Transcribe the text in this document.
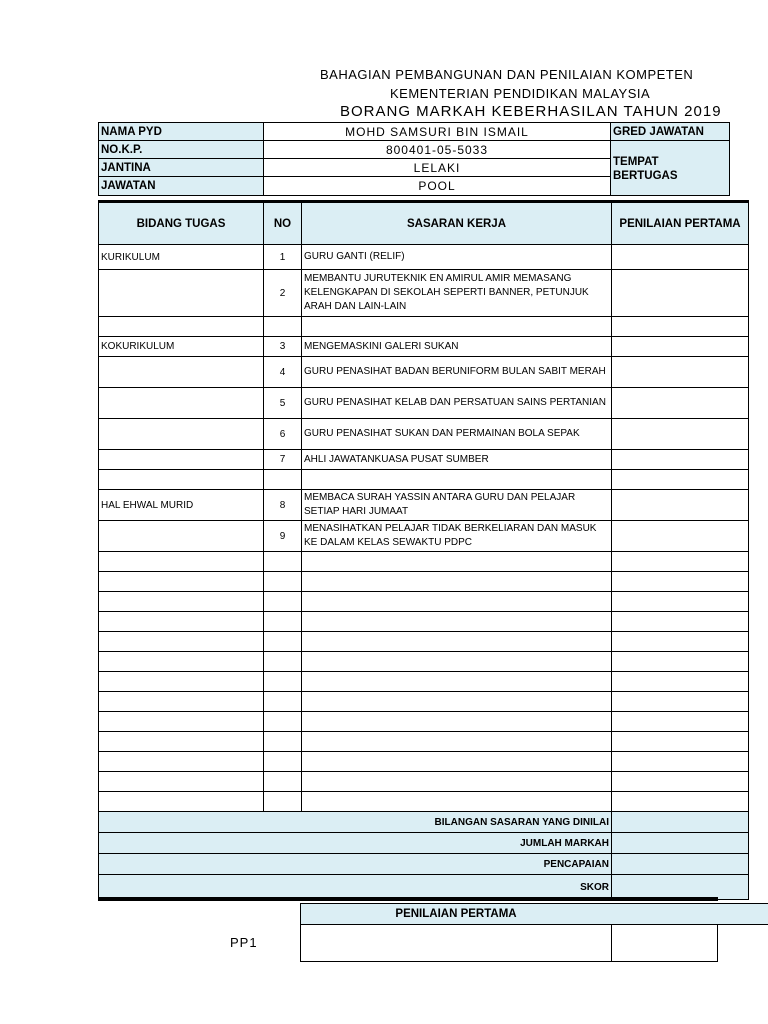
BAHAGIAN PEMBANGUNAN DAN PENILAIAN KOMPETEN
KEMENTERIAN PENDIDIKAN MALAYSIA
BORANG MARKAH KEBERHASILAN TAHUN 2019
NAMA PYD	MOHD SAMSURI BIN ISMAIL
NO.K.P.	800401-05-5033
JANTINA	LELAKI
JAWATAN	POOL
GRED JAWATAN
TEMPAT
BERTUGAS
BIDANG TUGAS	NO	SASARAN KERJA	PENILAIAN PERTAMA
KURIKULUM	1	GURU GANTI (RELIF)	
	2	MEMBANTU JURUTEKNIK EN AMIRUL AMIR MEMASANG KELENGKAPAN DI SEKOLAH SEPERTI BANNER, PETUNJUK ARAH DAN LAIN-LAIN	

KOKURIKULUM	3	MENGEMASKINI GALERI SUKAN	
	4	GURU PENASIHAT BADAN BERUNIFORM BULAN SABIT MERAH	
	5	GURU PENASIHAT KELAB DAN PERSATUAN SAINS PERTANIAN	
	6	GURU PENASIHAT SUKAN DAN PERMAINAN BOLA SEPAK	
	7	AHLI JAWATANKUASA PUSAT SUMBER	

HAL EHWAL MURID	8	MEMBACA SURAH YASSIN ANTARA GURU DAN PELAJAR SETIAP HARI JUMAAT	
	9	MENASIHATKAN PELAJAR TIDAK BERKELIARAN DAN MASUK KE DALAM KELAS SEWAKTU PDPC	

BILANGAN SASARAN YANG DINILAI			
JUMLAH MARKAH			
PENCAPAIAN			
SKOR			
PENILAIAN PERTAMA
PP1
